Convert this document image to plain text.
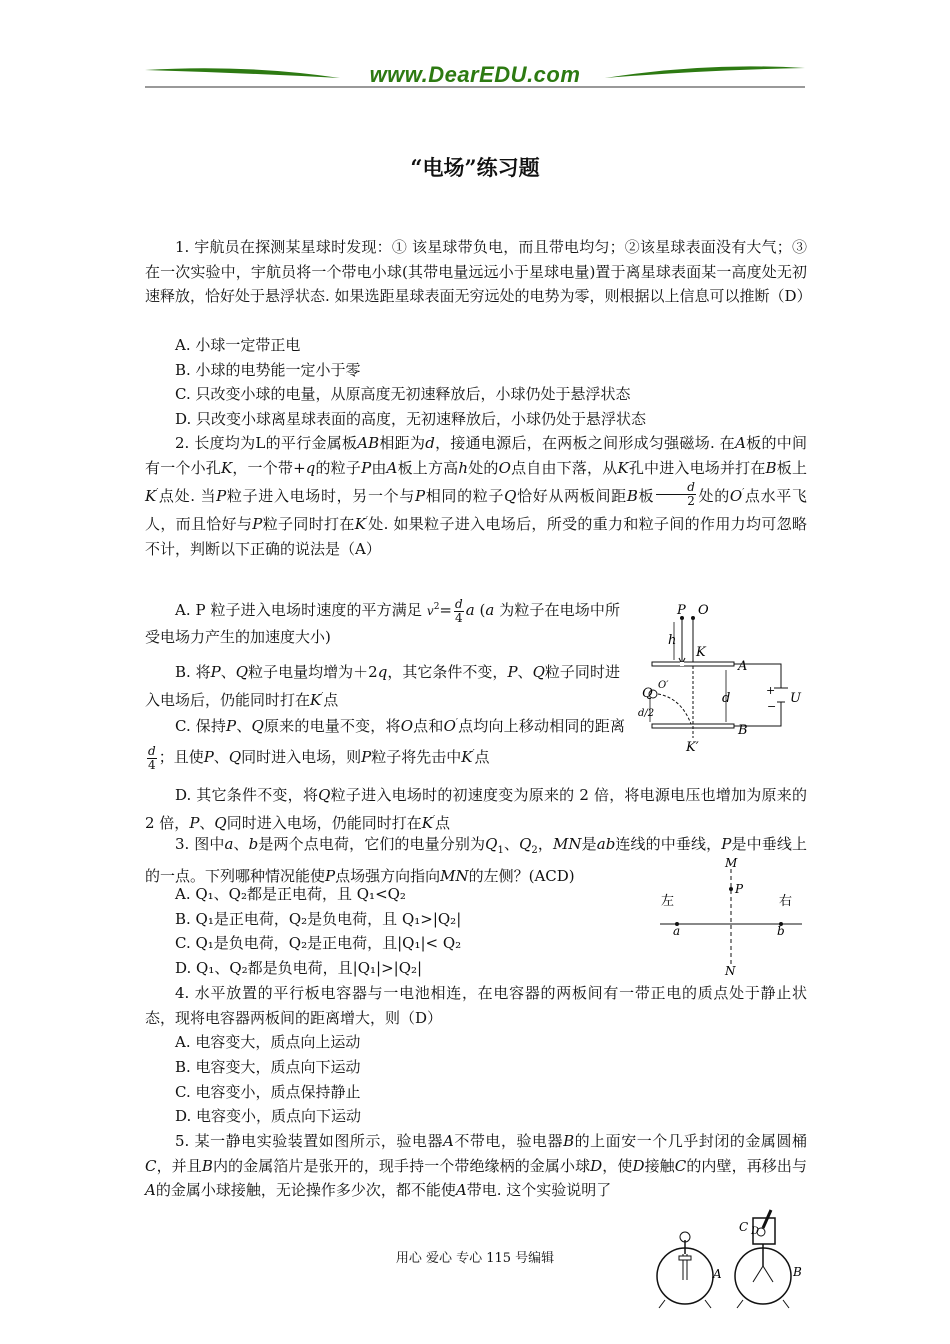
www.DearEDU.com
“电场”练习题

1. 宇航员在探测某星球时发现：① 该星球带负电，而且带电均匀；②该星球表面没有大气；③在一次实验中，宇航员将一个带电小球(其带电量远远小于星球电量)置于离星球表面某一高度处无初速释放，恰好处于悬浮状态. 如果选距星球表面无穷远处的电势为零，则根据以上信息可以推断（D）

A. 小球一定带正电
B. 小球的电势能一定小于零
C. 只改变小球的电量，从原高度无初速释放后，小球仍处于悬浮状态
D. 只改变小球离星球表面的高度，无初速释放后，小球仍处于悬浮状态

2. 长度均为L的平行金属板AB相距为d，接通电源后，在两板之间形成匀强磁场. 在A板的中间有一个小孔K，一个带+q的粒子P由A板上方高h处的O点自由下落，从K孔中进入电场并打在B板上K′点处. 当P粒子进入电场时，另一个与P相同的粒子Q恰好从两板间距B板 $\frac{d}{2}$ 处的O′点水平飞人，而且恰好与P粒子同时打在K′处. 如果粒子进入电场后，所受的重力和粒子间的作用力均可忽略不计，判断以下正确的说法是（A）

A. P 粒子进入电场时速度的平方满足 $v^2= \frac{d}{4}$ a (a 为粒子在电场中所受电场力产生的加速度大小)

B. 将P、Q粒子电量均增为＋2q，其它条件不变，P、Q粒子同时进入电场后，仍能同时打在K′点

C. 保持P、Q原来的电量不变，将O点和O′点均向上移动相同的距离
$\frac{d}{4}$ ；且使P、Q同时进入电场，则P粒子将先击中K′点

D. 其它条件不变，将Q粒子进入电场时的初速度变为原来的 2 倍，将电源电压也增加为原来的 2 倍，P、Q同时进入电场，仍能同时打在K′点

P O
h
K
A
B
d
+
−
U
Q
O′
d/2
K′

3. 图中a、b是两个点电荷，它们的电量分别为$Q_1$、$Q_2$，MN是ab连线的中垂线，P是中垂线上的一点。下列哪种情况能使P点场强方向指向MN的左侧？(ACD)

A. Q₁、Q₂都是正电荷，且 Q₁<Q₂
B. Q₁是正电荷，Q₂是负电荷，且 Q₁>|Q₂|
C. Q₁是负电荷，Q₂是正电荷，且|Q₁|< Q₂
D. Q₁、Q₂都是负电荷，且|Q₁|>|Q₂|
M
N
P
左	右
a	b

4. 水平放置的平行板电容器与一电池相连，在电容器的两板间有一带正电的质点处于静止状态，现将电容器两板间的距离增大，则（D）

A. 电容变大，质点向上运动
B. 电容变大，质点向下运动
C. 电容变小，质点保持静止
D. 电容变小，质点向下运动

5. 某一静电实验装置如图所示，验电器A不带电，验电器B的上面安一个几乎封闭的金属圆桶C，并且B内的金属箔片是张开的，现手持一个带绝缘柄的金属小球D，使D接触C的内壁，再移出与A的金属小球接触，无论操作多少次，都不能使A带电. 这个实验说明了

A
C D
B
用心 爱心 专心 115 号编辑
